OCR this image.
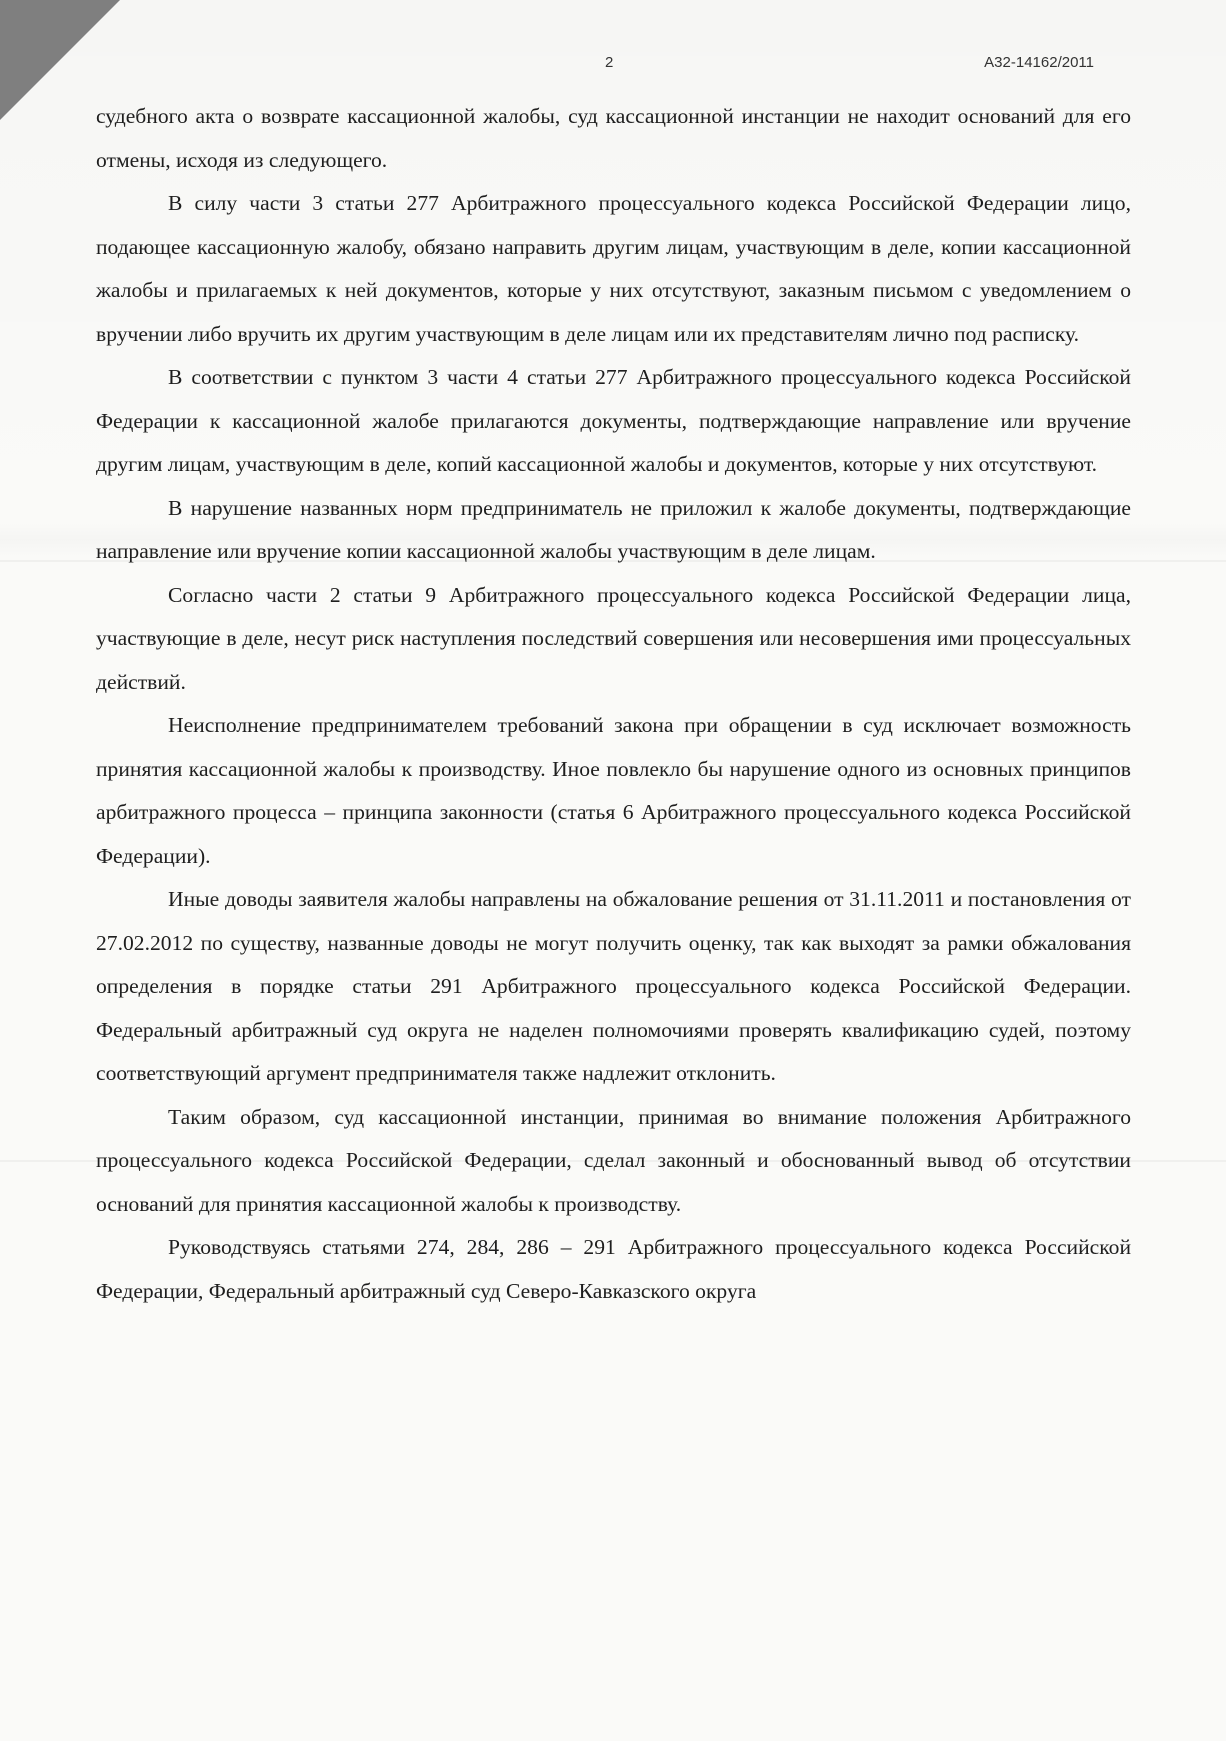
2	А32-14162/2011

судебного акта о возврате кассационной жалобы, суд кассационной инстанции не находит оснований для его отмены, исходя из следующего.

В силу части 3 статьи 277 Арбитражного процессуального кодекса Российской Федерации лицо, подающее кассационную жалобу, обязано направить другим лицам, участвующим в деле, копии кассационной жалобы и прилагаемых к ней документов, которые у них отсутствуют, заказным письмом с уведомлением о вручении либо вручить их другим участвующим в деле лицам или их представителям лично под расписку.

В соответствии с пунктом 3 части 4 статьи 277 Арбитражного процессуального кодекса Российской Федерации к кассационной жалобе прилагаются документы, подтверждающие направление или вручение другим лицам, участвующим в деле, копий кассационной жалобы и документов, которые у них отсутствуют.

В нарушение названных норм предприниматель не приложил к жалобе документы, подтверждающие направление или вручение копии кассационной жалобы участвующим в деле лицам.

Согласно части 2 статьи 9 Арбитражного процессуального кодекса Российской Федерации лица, участвующие в деле, несут риск наступления последствий совершения или несовершения ими процессуальных действий.

Неисполнение предпринимателем требований закона при обращении в суд исключает возможность принятия кассационной жалобы к производству. Иное повлекло бы нарушение одного из основных принципов арбитражного процесса – принципа законности (статья 6 Арбитражного процессуального кодекса Российской Федерации).

Иные доводы заявителя жалобы направлены на обжалование решения от 31.11.2011 и постановления от 27.02.2012 по существу, названные доводы не могут получить оценку, так как выходят за рамки обжалования определения в порядке статьи 291 Арбитражного процессуального кодекса Российской Федерации. Федеральный арбитражный суд округа не наделен полномочиями проверять квалификацию судей, поэтому соответствующий аргумент предпринимателя также надлежит отклонить.

Таким образом, суд кассационной инстанции, принимая во внимание положения Арбитражного процессуального кодекса Российской Федерации, сделал законный и обоснованный вывод об отсутствии оснований для принятия кассационной жалобы к производству.

Руководствуясь статьями 274, 284, 286 – 291 Арбитражного процессуального кодекса Российской Федерации, Федеральный арбитражный суд Северо-Кавказского округа
